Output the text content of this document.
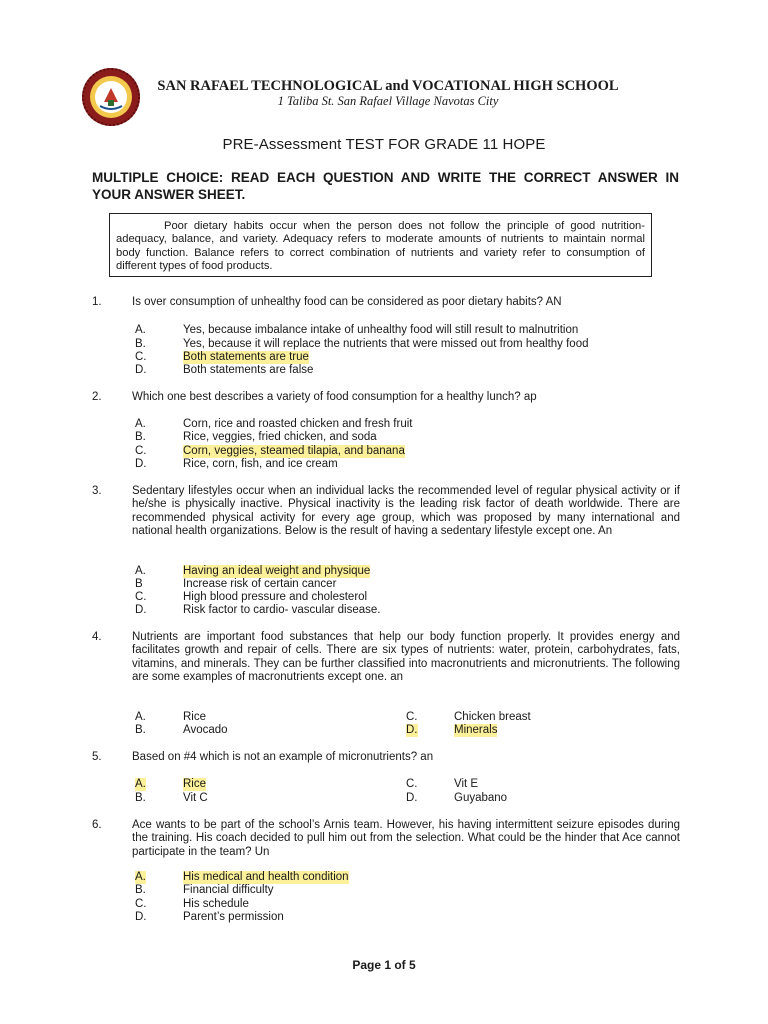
SAN RAFAEL TECHNOLOGICAL and VOCATIONAL HIGH SCHOOL
1 Taliba St. San Rafael Village Navotas City
PRE-Assessment TEST FOR GRADE 11 HOPE
MULTIPLE CHOICE: READ EACH QUESTION AND WRITE THE CORRECT ANSWER IN YOUR ANSWER SHEET.
Poor dietary habits occur when the person does not follow the principle of good nutrition- adequacy, balance, and variety. Adequacy refers to moderate amounts of nutrients to maintain normal body function. Balance refers to correct combination of nutrients and variety refer to consumption of different types of food products.
1.	Is over consumption of unhealthy food can be considered as poor dietary habits? AN
A.	Yes, because imbalance intake of unhealthy food will still result to malnutrition
B.	Yes, because it will replace the nutrients that were missed out from healthy food
C.	Both statements are true
D.	Both statements are false
2.	Which one best describes a variety of food consumption for a healthy lunch? ap
A.	Corn, rice and roasted chicken and fresh fruit
B.	Rice, veggies, fried chicken, and soda
C.	Corn, veggies, steamed tilapia, and banana
D.	Rice, corn, fish, and ice cream
3.	Sedentary lifestyles occur when an individual lacks the recommended level of regular physical activity or if he/she is physically inactive. Physical inactivity is the leading risk factor of death worldwide. There are recommended physical activity for every age group, which was proposed by many international and national health organizations. Below is the result of having a sedentary lifestyle except one. An
A.	Having an ideal weight and physique
B	Increase risk of certain cancer
C.	High blood pressure and cholesterol
D.	Risk factor to cardio- vascular disease.
4.	Nutrients are important food substances that help our body function properly. It provides energy and facilitates growth and repair of cells. There are six types of nutrients: water, protein, carbohydrates, fats, vitamins, and minerals. They can be further classified into macronutrients and micronutrients. The following are some examples of macronutrients except one. an
A.	Rice
B.	Avocado
C.	Chicken breast
D.	Minerals
5.	Based on #4 which is not an example of micronutrients? an
A.	Rice
B.	Vit C
C.	Vit E
D.	Guyabano
6.	Ace wants to be part of the school’s Arnis team. However, his having intermittent seizure episodes during the training. His coach decided to pull him out from the selection. What could be the hinder that Ace cannot participate in the team? Un
A.	His medical and health condition
B.	Financial difficulty
C.	His schedule
D.	Parent’s permission
Page 1 of 5
